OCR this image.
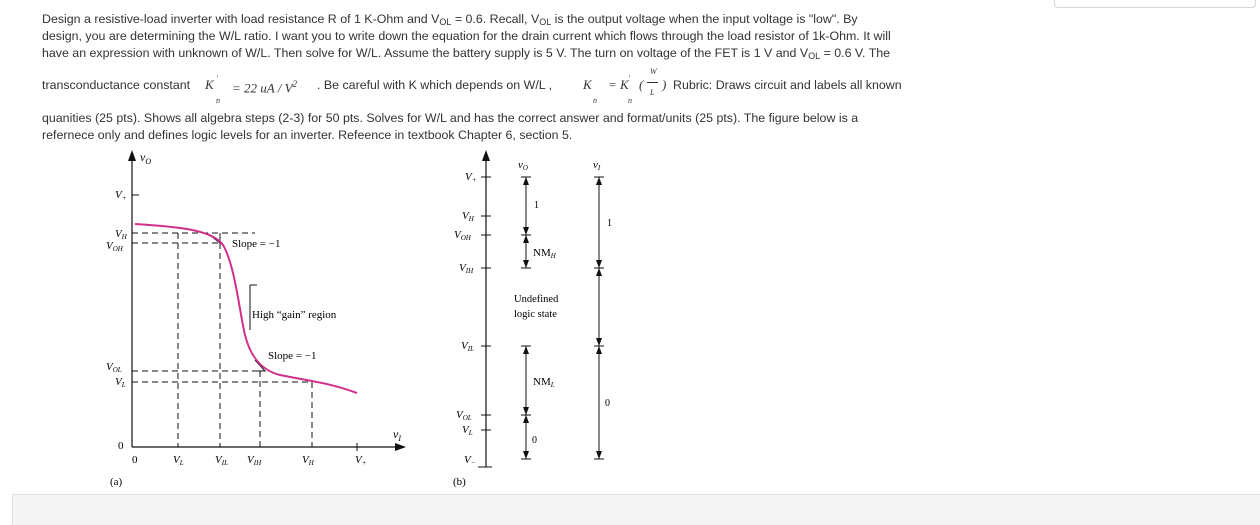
Design a resistive-load inverter with load resistance R of 1 K-Ohm and $V_{OL} = 0.6$. Recall, $V_{OL}$ is the output voltage when the input voltage is "low". By
design, you are determining the W/L ratio. I want you to write down the equation for the drain current which flows through the load resistor of 1k-Ohm. It will
have an expression with unknown of W/L. Then solve for W/L. Assume the battery supply is 5 V. The turn on voltage of the FET is 1 V and $V_{OL} = 0.6$ V. The
transconductance constant K '
n
= 22 uA / $V^2$ . Be careful with K which depends on W/L , K
n
= K '
n
(
W
L
) Rubric: Draws circuit and labels all known
quanities (25 pts). Shows all algebra steps (2-3) for 50 pts. Solves for W/L and has the correct answer and format/units (25 pts). The figure below is a
refernece only and defines logic levels for an inverter. Refeence in textbook Chapter 6, section 5.
$v_O$
$v_I$
V+
VH
VOH
VOL
VL
0
0	VL	VIL VIH	VH	V+
Slope = −1
High “gain” region
Slope = −1
(a)
V+
VH
VOH
VIH
VIL
VOL
VL
V−
vO
1
NMH
Undefined
logic state
NML
0
vI
1
0
(b)
